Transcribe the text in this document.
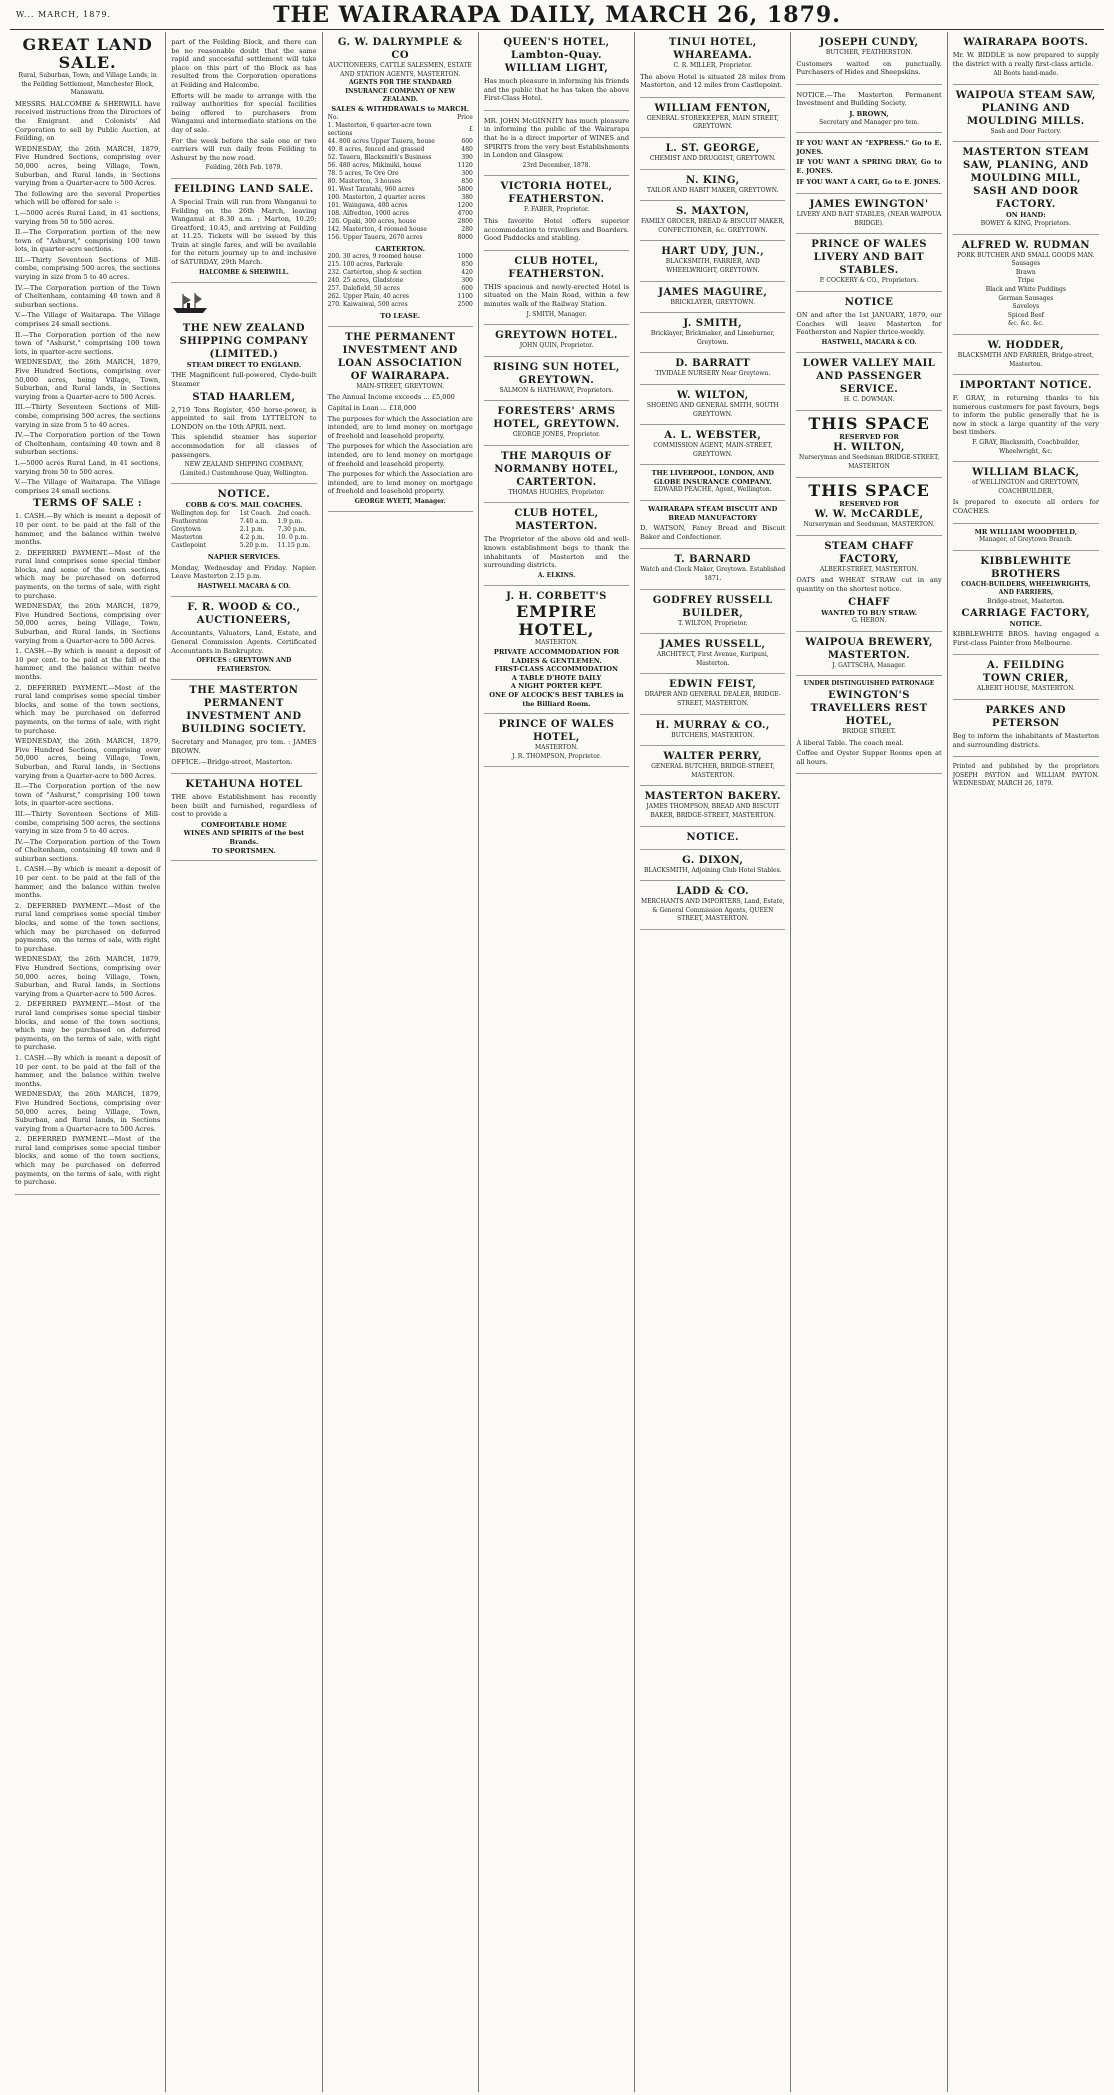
W... MARCH, 1879.	THE WAIRARAPA DAILY, MARCH 26, 1879.
GREAT LAND SALE.
Rural, Suburban, Town, and Village Lands, in the Feilding Settlement, Manchester Block, Manawatu.

MESSRS. HALCOMBE & SHERWILL have received instructions from the Directors of the Emigrant and Colonists' Aid Corporation to sell by Public Auction, at Feilding, on

WEDNESDAY, the 26th MARCH, 1879, Five Hundred Sections, comprising over 50,000 acres, being Village, Town, Suburban, and Rural lands, in Sections varying from a Quarter-acre to 500 Acres.

The following are the several Properties which will be offered for sale :-

I.—5000 acres Rural Land, in 41 sections, varying from 50 to 500 acres.

II.—The Corporation portion of the new town of "Ashurst," comprising 100 town lots, in quarter-acre sections.

III.—Thirty Seventeen Sections of Mill-combe, comprising 500 acres, the sections varying in size from 5 to 40 acres.

IV.—The Corporation portion of the Town of Cheltenham, containing 40 town and 8 suburban sections.

V.—The Village of Waitarapa. The Village comprises 24 small sections.

II.—The Corporation portion of the new town of "Ashurst," comprising 100 town lots, in quarter-acre sections.

WEDNESDAY, the 26th MARCH, 1879, Five Hundred Sections, comprising over 50,000 acres, being Village, Town, Suburban, and Rural lands, in Sections varying from a Quarter-acre to 500 Acres.

III.—Thirty Seventeen Sections of Mill-combe, comprising 500 acres, the sections varying in size from 5 to 40 acres.

IV.—The Corporation portion of the Town of Cheltenham, containing 40 town and 8 suburban sections.

I.—5000 acres Rural Land, in 41 sections, varying from 50 to 500 acres.

V.—The Village of Waitarapa. The Village comprises 24 small sections.

TERMS OF SALE :

1. CASH.—By which is meant a deposit of 10 per cent. to be paid at the fall of the hammer, and the balance within twelve months.

2. DEFERRED PAYMENT.—Most of the rural land comprises some special timber blocks, and some of the town sections, which may be purchased on deferred payments, on the terms of sale, with right to purchase.

WEDNESDAY, the 26th MARCH, 1879, Five Hundred Sections, comprising over 50,000 acres, being Village, Town, Suburban, and Rural lands, in Sections varying from a Quarter-acre to 500 Acres.

1. CASH.—By which is meant a deposit of 10 per cent. to be paid at the fall of the hammer, and the balance within twelve months.

2. DEFERRED PAYMENT.—Most of the rural land comprises some special timber blocks, and some of the town sections, which may be purchased on deferred payments, on the terms of sale, with right to purchase.

WEDNESDAY, the 26th MARCH, 1879, Five Hundred Sections, comprising over 50,000 acres, being Village, Town, Suburban, and Rural lands, in Sections varying from a Quarter-acre to 500 Acres.

II.—The Corporation portion of the new town of "Ashurst," comprising 100 town lots, in quarter-acre sections.

III.—Thirty Seventeen Sections of Mill-combe, comprising 500 acres, the sections varying in size from 5 to 40 acres.

IV.—The Corporation portion of the Town of Cheltenham, containing 40 town and 8 suburban sections.

1. CASH.—By which is meant a deposit of 10 per cent. to be paid at the fall of the hammer, and the balance within twelve months.

2. DEFERRED PAYMENT.—Most of the rural land comprises some special timber blocks, and some of the town sections, which may be purchased on deferred payments, on the terms of sale, with right to purchase.

WEDNESDAY, the 26th MARCH, 1879, Five Hundred Sections, comprising over 50,000 acres, being Village, Town, Suburban, and Rural lands, in Sections varying from a Quarter-acre to 500 Acres.

2. DEFERRED PAYMENT.—Most of the rural land comprises some special timber blocks, and some of the town sections, which may be purchased on deferred payments, on the terms of sale, with right to purchase.

1. CASH.—By which is meant a deposit of 10 per cent. to be paid at the fall of the hammer, and the balance within twelve months.

WEDNESDAY, the 26th MARCH, 1879, Five Hundred Sections, comprising over 50,000 acres, being Village, Town, Suburban, and Rural lands, in Sections varying from a Quarter-acre to 500 Acres.

2. DEFERRED PAYMENT.—Most of the rural land comprises some special timber blocks, and some of the town sections, which may be purchased on deferred payments, on the terms of sale, with right to purchase.

part of the Feilding Block, and there can be no reasonable doubt that the same rapid and successful settlement will take place on this part of the Block as has resulted from the Corporation operations at Feilding and Halcombe.

Efforts will be made to arrange with the railway authorities for special facilities being offered to purchasers from Wanganui and intermediate stations on the day of sale.

For the week before the sale one or two carriers will run daily from Feilding to Ashurst by the new road.

Feilding, 26th Feb. 1879.
FEILDING LAND SALE.

A Special Train will run from Wanganui to Feilding on the 26th March, leaving Wanganui at 8.30 a.m. ; Marton, 10.20; Greatford, 10.45, and arriving at Feilding at 11.25. Tickets will be issued by this Train at single fares, and will be available for the return journey up to and inclusive of SATURDAY, 29th March.

HALCOMBE & SHERWILL.
THE NEW ZEALAND SHIPPING COMPANY (LIMITED.)
STEAM DIRECT TO ENGLAND.

THE Magnificent full-powered, Clyde-built Steamer

STAD HAARLEM,

2,719 Tons Register, 450 horse-power, is appointed to sail from LYTTELTON to LONDON on the 10th APRIL next.

This splendid steamer has superior accommodation for all classes of passengers.

NEW ZEALAND SHIPPING COMPANY, (Limited.) Customhouse Quay, Wellington.
NOTICE.
COBB & CO'S. MAIL COACHES.
Wellington dep. for	1st Coach.	2nd coach.
Featherston	7.40 a.m.	1.9 p.m.
Greytown	2.1 p.m.	7.30 p.m.
Masterton	4.2 p.m.	10. 0 p.m.
Castlepoint	5.20 p.m.	11.15 p.m.
NAPIER SERVICES.

Monday, Wednesday and Friday. Napier. Leave Masterton 2.15 p.m.

HASTWELL MACARA & CO.
F. R. WOOD & CO., AUCTIONEERS,

Accountants, Valuators, Land, Estate, and General Commission Agents. Certificated Accountants in Bankruptcy.

OFFICES : GREYTOWN AND FEATHERSTON.
THE MASTERTON PERMANENT INVESTMENT AND BUILDING SOCIETY.

Secretary and Manager, pro tem. : JAMES BROWN.

OFFICE.—Bridge-street, Masterton.

KETAHUNA HOTEL

THE above Establishment has recently been built and furnished, regardless of cost to provide a

COMFORTABLE HOME
WINES AND SPIRITS of the best Brands.
TO SPORTSMEN.
G. W. DALRYMPLE & CO
AUCTIONEERS, CATTLE SALESMEN, ESTATE AND STATION AGENTS, MASTERTON.
AGENTS FOR THE STANDARD INSURANCE COMPANY OF NEW ZEALAND.
SALES & WITHDRAWALS to MARCH.
No.	Price
1. Masterton, 6 quarter-acre town sections	£
44. 800 acres Upper Taueru, house	600
49. 8 acres, fenced and grassed	480
52. Taueru, Blacksmith's Business	390
56. 480 acres, Mikimiki, house	1120
78. 5 acres, Te Ore Ore	300
80. Masterton, 3 houses	850
91. West Taratahi, 960 acres	5800
100. Masterton, 2 quarter acres	380
101. Waingawa, 400 acres	1200
108. Alfredton, 1000 acres	4700
126. Opaki, 300 acres, house	2800
142. Masterton, 4 roomed house	280
156. Upper Taueru, 2670 acres	8000
CARTERTON.
200. 30 acres, 9 roomed house	1000
215. 100 acres, Parkvale	850
232. Carterton, shop & section	420
240. 25 acres, Gladstone	300
257. Dalefield, 50 acres	600
262. Upper Plain, 40 acres	1100
270. Kaiwaiwai, 500 acres	2500
TO LEASE.
THE PERMANENT INVESTMENT AND LOAN ASSOCIATION OF WAIRARAPA.
MAIN-STREET, GREYTOWN.

The Annual Income exceeds ... £5,000

Capital in Loan ... £18,000

The purposes for which the Association are intended, are to lend money on mortgage of freehold and leasehold property.

The purposes for which the Association are intended, are to lend money on mortgage of freehold and leasehold property.

The purposes for which the Association are intended, are to lend money on mortgage of freehold and leasehold property.

GEORGE WYETT, Manager.
QUEEN'S HOTEL, Lambton-Quay.
WILLIAM LIGHT,

Has much pleasure in informing his friends and the public that he has taken the above First-Class Hotel.

MR. JOHN McGINNITY has much pleasure in informing the public of the Wairarapa that he is a direct importer of WINES and SPIRITS from the very best Establishments in London and Glasgow.

23rd December, 1878.
VICTORIA HOTEL, FEATHERSTON.
F. FABER, Proprietor.

This favorite Hotel offers superior accommodation to travellers and Boarders. Good Paddocks and stabling.

CLUB HOTEL, FEATHERSTON.

THIS spacious and newly-erected Hotel is situated on the Main Road, within a few minutes walk of the Railway Station.

J. SMITH, Manager.
GREYTOWN HOTEL.
JOHN QUIN, Proprietor.
RISING SUN HOTEL, GREYTOWN.
SALMON & HATHAWAY, Proprietors.
FORESTERS' ARMS HOTEL, GREYTOWN.
GEORGE JONES, Proprietor.
THE MARQUIS OF NORMANBY HOTEL, CARTERTON.
THOMAS HUGHES, Proprietor.
CLUB HOTEL, MASTERTON.

The Proprietor of the above old and well-known establishment begs to thank the inhabitants of Masterton and the surrounding districts.

A. ELKINS.
J. H. CORBETT'S
EMPIRE HOTEL,
MASTERTON.
PRIVATE ACCOMMODATION FOR LADIES & GENTLEMEN.
FIRST-CLASS ACCOMMODATION
A TABLE D'HOTE DAILY
A NIGHT PORTER KEPT.
ONE OF ALCOCK'S BEST TABLES in the Billiard Room.
PRINCE OF WALES HOTEL,
MASTERTON.
J. R. THOMPSON, Proprietor.
TINUI HOTEL, WHAREAMA.
C. R. MILLER, Proprietor.

The above Hotel is situated 28 miles from Masterton, and 12 miles from Castlepoint.

WILLIAM FENTON,
GENERAL STOREKEEPER, MAIN STREET, GREYTOWN.
L. ST. GEORGE,
CHEMIST AND DRUGGIST, GREYTOWN.
N. KING,
TAILOR AND HABIT MAKER, GREYTOWN.
S. MAXTON,
FAMILY GROCER, BREAD & BISCUIT MAKER, CONFECTIONER, &c. GREYTOWN.
HART UDY, JUN.,
BLACKSMITH, FARRIER, AND WHEELWRIGHT, GREYTOWN.
JAMES MAGUIRE,
BRICKLAYER, GREYTOWN.
J. SMITH,
Bricklayer, Brickmaker, and Limeburner, Greytown.
D. BARRATT
TIVIDALE NURSERY Near Greytown.
W. WILTON,
SHOEING AND GENERAL SMITH, SOUTH GREYTOWN.
A. L. WEBSTER,
COMMISSION AGENT, MAIN-STREET, GREYTOWN.
THE LIVERPOOL, LONDON, AND GLOBE INSURANCE COMPANY.
EDWARD PEACHE, Agent, Wellington.
WAIRARAPA STEAM BISCUIT AND BREAD MANUFACTORY

D. WATSON, Fancy Bread and Biscuit Baker and Confectioner.

T. BARNARD
Watch and Clock Maker, Greytown. Established 1871.
GODFREY RUSSELL BUILDER,
T. WILTON, Proprietor.
JAMES RUSSELL,
ARCHITECT, First Avenue, Kuripuni, Masterton.
EDWIN FEIST,
DRAPER AND GENERAL DEALER, BRIDGE-STREET, MASTERTON.
H. MURRAY & CO.,
BUTCHERS, MASTERTON.
WALTER PERRY,
GENERAL BUTCHER, BRIDGE-STREET, MASTERTON.
MASTERTON BAKERY.
JAMES THOMPSON, BREAD AND BISCUIT BAKER, BRIDGE-STREET, MASTERTON.
NOTICE.
G. DIXON,
BLACKSMITH, Adjoining Club Hotel Stables.
LADD & CO.
MERCHANTS AND IMPORTERS, Land, Estate, & General Commission Agents, QUEEN STREET, MASTERTON.
JOSEPH CUNDY,
BUTCHER, FEATHERSTON.

Customers waited on punctually. Purchasers of Hides and Sheepskins.

NOTICE.—The Masterton Permanent Investment and Building Society.

J. BROWN,
Secretary and Manager pro tem.

IF YOU WANT AN "EXPRESS." Go to E. JONES.

IF YOU WANT A SPRING DRAY, Go to E. JONES.

IF YOU WANT A CART, Go to E. JONES.

JAMES EWINGTON'
LIVERY AND BAIT STABLES, (NEAR WAIPOUA BRIDGE).
PRINCE OF WALES LIVERY AND BAIT STABLES.
P. COCKERY & CO., Proprietors.
NOTICE

ON and after the 1st JANUARY, 1879, our Coaches will leave Masterton for Featherston and Napier thrice-weekly.

HASTWELL, MACARA & CO.
LOWER VALLEY MAIL AND PASSENGER SERVICE.
H. C. DOWMAN.
THIS SPACE
RESERVED FOR
H. WILTON,
Nurseryman and Seedsman BRIDGE-STREET, MASTERTON
THIS SPACE
RESERVED FOR
W. W. McCARDLE,
Nurseryman and Seedsman, MASTERTON.
STEAM CHAFF FACTORY,
ALBERT-STREET, MASTERTON.

OATS and WHEAT STRAW cut in any quantity on the shortest notice.

CHAFF
WANTED TO BUY STRAW.
G. HERON.
WAIPOUA BREWERY, MASTERTON.
J. GATTSCHA, Manager.
UNDER DISTINGUISHED PATRONAGE
EWINGTON'S TRAVELLERS REST HOTEL,
BRIDGE STREET.

A liberal Table. The coach meal.

Coffee and Oyster Supper Rooms open at all hours.

WAIRARAPA BOOTS.

Mr. W. BIDDLE is now prepared to supply the district with a really first-class article.

All Boots hand-made.
WAIPOUA STEAM SAW, PLANING AND MOULDING MILLS.
Sash and Door Factory.
MASTERTON STEAM SAW, PLANING, AND MOULDING MILL, SASH AND DOOR FACTORY.
ON HAND:
BOWEY & KING, Proprietors.
ALFRED W. RUDMAN
PORK BUTCHER AND SMALL GOODS MAN.
Sausages
Brawn
Tripe
Black and White Puddings
German Sausages
Saveloys
Spiced Beef
&c. &c. &c.
W. HODDER,
BLACKSMITH AND FARRIER, Bridge-street, Masterton.
IMPORTANT NOTICE.

F. GRAY, in returning thanks to his numerous customers for past favours, begs to inform the public generally that he is now in stock a large quantity of the very best timbers.

F. GRAY, Blacksmith, Coachbuilder, Wheelwright, &c.
WILLIAM BLACK,
of WELLINGTON and GREYTOWN, COACHBUILDER,

Is prepared to execute all orders for COACHES.

MR WILLIAM WOODFIELD,
Manager, of Greytown Branch.
KIBBLEWHITE BROTHERS
COACH-BUILDERS, WHEELWRIGHTS, AND FARRIERS,
Bridge-street, Masterton.
CARRIAGE FACTORY,
NOTICE.

KIBBLEWHITE BROS. having engaged a First-class Painter from Melbourne.

A. FEILDING
TOWN CRIER,
ALBERT HOUSE, MASTERTON.
PARKES AND PETERSON

Beg to inform the inhabitants of Masterton and surrounding districts.

Printed and published by the proprietors JOSEPH PAYTON and WILLIAM PAYTON. WEDNESDAY, MARCH 26, 1879.
